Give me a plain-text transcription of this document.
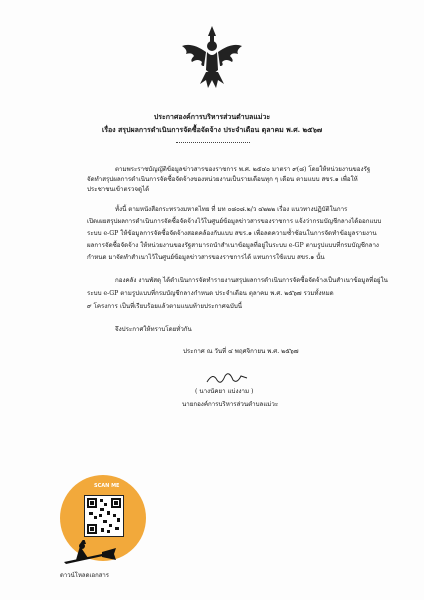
ประกาศองค์การบริหารส่วนตำบลแม่วะ
เรื่อง สรุปผลการดำเนินการจัดซื้อจัดจ้าง ประจำเดือน ตุลาคม พ.ศ. ๒๕๖๗
ตามพระราชบัญญัติข้อมูลข่าวสารของราชการ พ.ศ. ๒๕๔๐ มาตรา ๙(๘) โดยให้หน่วยงานของรัฐ
จัดทำสรุปผลการดำเนินการจัดซื้อจัดจ้างของหน่วยงานเป็นรายเดือนทุก ๆ เดือน ตามแบบ สขร.๑ เพื่อให้
ประชาชนเข้าตรวจดูได้
ทั้งนี้ ตามหนังสือกระทรวงมหาดไทย ที่ มท ๐๘๐๘.๒/ว ๔๒๒๒ เรื่อง แนวทางปฏิบัติในการ
เปิดเผยสรุปผลการดำเนินการจัดซื้อจัดจ้างไว้ในศูนย์ข้อมูลข่าวสารของราชการ แจ้งว่ากรมบัญชีกลางได้ออกแบบ
ระบบ e-GP ให้ข้อมูลการจัดซื้อจัดจ้างสอดคล้องกับแบบ สขร.๑ เพื่อลดความซ้ำซ้อนในการจัดทำข้อมูลรายงาน
ผลการจัดซื้อจัดจ้าง ให้หน่วยงานของรัฐสามารถนำสำเนาข้อมูลที่อยู่ในระบบ e-GP ตามรูปแบบที่กรมบัญชีกลาง
กำหนด มาจัดทำสำเนาไว้ในศูนย์ข้อมูลข่าวสารของราชการได้ แทนการใช้แบบ สขร.๑ นั้น
กองคลัง งานพัสดุ ได้ดำเนินการจัดทำรายงานสรุปผลการดำเนินการจัดซื้อจัดจ้างเป็นสำเนาข้อมูลที่อยู่ใน
ระบบ e-GP ตามรูปแบบที่กรมบัญชีกลางกำหนด ประจำเดือน ตุลาคม พ.ศ. ๒๕๖๗ รวมทั้งหมด
๙ โครงการ เป็นที่เรียบร้อยแล้วตามแนบท้ายประกาศฉบับนี้
จึงประกาศให้ทราบโดยทั่วกัน
ประกาศ ณ วันที่ ๔ พฤศจิกายน พ.ศ. ๒๕๖๗
( นางนัคยา แบ่งงาม )
นายกองค์การบริหารส่วนตำบลแม่วะ
SCAN ME
ดาวน์โหลดเอกสาร
